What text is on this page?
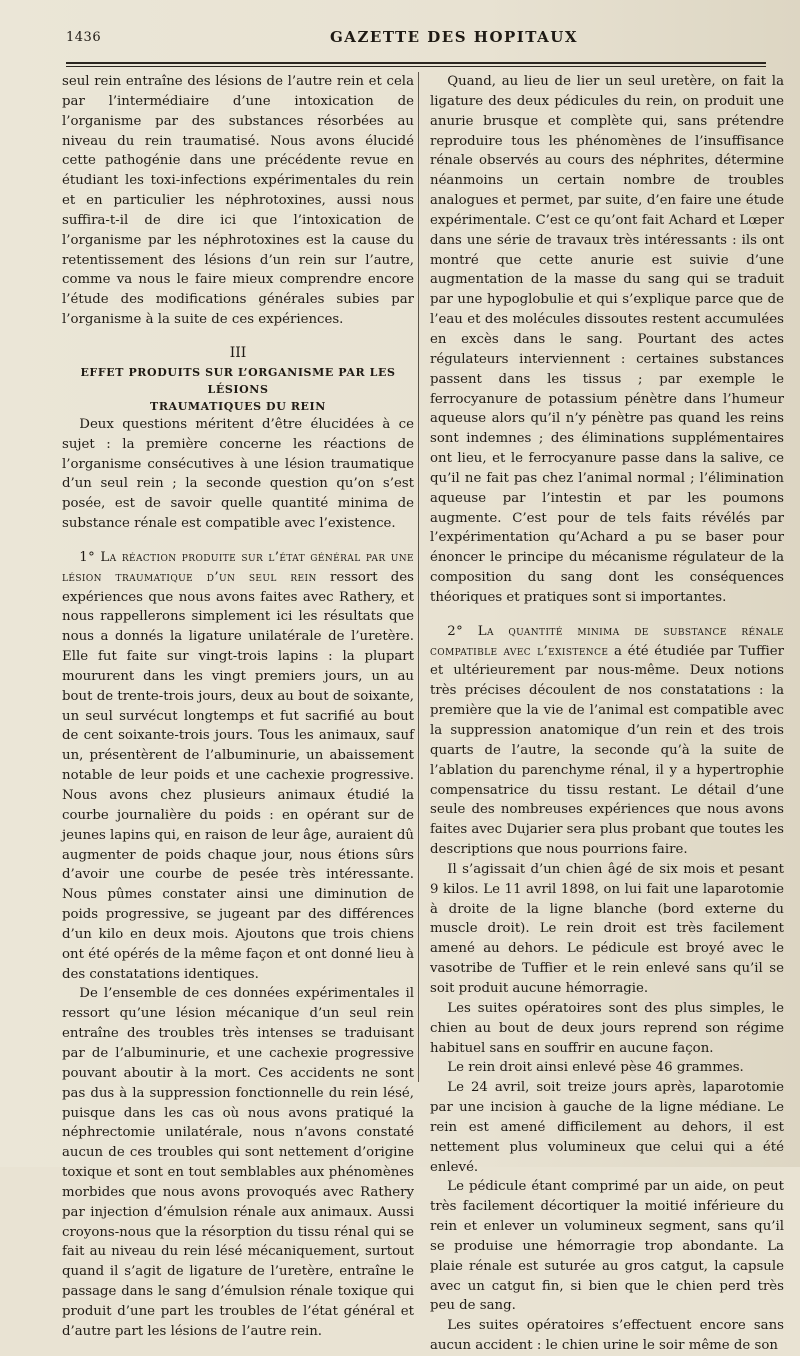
1436	GAZETTE DES HOPITAUX

seul rein entraîne des lésions de l’autre rein et cela par l’intermédiaire d’une intoxication de l’organisme par des substances résorbées au niveau du rein traumatisé. Nous avons élucidé cette pathogénie dans une précédente revue en étudiant les toxi-infections expérimentales du rein et en particulier les néphrotoxines, aussi nous suffira-t-il de dire ici que l’intoxication de l’organisme par les néphrotoxines est la cause du retentissement des lésions d’un rein sur l’autre, comme va nous le faire mieux comprendre encore l’étude des modifications générales subies par l’organisme à la suite de ces expériences.

III

EFFET PRODUITS SUR L’ORGANISME PAR LES LÉSIONS
TRAUMATIQUES DU REIN

Deux questions méritent d’être élucidées à ce sujet : la première concerne les réactions de l’organisme consécutives à une lésion traumatique d’un seul rein ; la seconde question qu’on s’est posée, est de savoir quelle quantité minima de substance rénale est compatible avec l’existence.

1° La réaction produite sur l’état général par une lésion traumatique d’un seul rein ressort des expériences que nous avons faites avec Rathery, et nous rappellerons simplement ici les résultats que nous a donnés la ligature unilatérale de l’uretère. Elle fut faite sur vingt-trois lapins : la plupart moururent dans les vingt premiers jours, un au bout de trente-trois jours, deux au bout de soixante, un seul survécut longtemps et fut sacrifié au bout de cent soixante-trois jours. Tous les animaux, sauf un, présentèrent de l’albuminurie, un abaissement notable de leur poids et une cachexie progressive. Nous avons chez plusieurs animaux étudié la courbe journalière du poids : en opérant sur de jeunes lapins qui, en raison de leur âge, auraient dû augmenter de poids chaque jour, nous étions sûrs d’avoir une courbe de pesée très intéressante. Nous pûmes constater ainsi une diminution de poids progressive, se jugeant par des différences d’un kilo en deux mois. Ajoutons que trois chiens ont été opérés de la même façon et ont donné lieu à des constatations identiques.

De l’ensemble de ces données expérimentales il ressort qu’une lésion mécanique d’un seul rein entraîne des troubles très intenses se traduisant par de l’albuminurie, et une cachexie progressive pouvant aboutir à la mort. Ces accidents ne sont pas dus à la suppression fonctionnelle du rein lésé, puisque dans les cas où nous avons pratiqué la néphrectomie unilatérale, nous n’avons constaté aucun de ces troubles qui sont nettement d’origine toxique et sont en tout semblables aux phénomènes morbides que nous avons provoqués avec Rathery par injection d’émulsion rénale aux animaux. Aussi croyons-nous que la résorption du tissu rénal qui se fait au niveau du rein lésé mécaniquement, surtout quand il s’agit de ligature de l’uretère, entraîne le passage dans le sang d’émulsion rénale toxique qui produit d’une part les troubles de l’état général et d’autre part les lésions de l’autre rein.

Quand, au lieu de lier un seul uretère, on fait la ligature des deux pédicules du rein, on produit une anurie brusque et complète qui, sans prétendre reproduire tous les phénomènes de l’insuffisance rénale observés au cours des néphrites, détermine néanmoins un certain nombre de troubles analogues et permet, par suite, d’en faire une étude expérimentale. C’est ce qu’ont fait Achard et Lœper dans une série de travaux très intéressants : ils ont montré que cette anurie est suivie d’une augmentation de la masse du sang qui se traduit par une hypoglobulie et qui s’explique parce que de l’eau et des molécules dissoutes restent accumulées en excès dans le sang. Pourtant des actes régulateurs interviennent : certaines substances passent dans les tissus ; par exemple le ferrocyanure de potassium pénètre dans l’humeur aqueuse alors qu’il n’y pénètre pas quand les reins sont indemnes ; des éliminations supplémentaires ont lieu, et le ferrocyanure passe dans la salive, ce qu’il ne fait pas chez l’animal normal ; l’élimination aqueuse par l’intestin et par les poumons augmente. C’est pour de tels faits révélés par l’expérimentation qu’Achard a pu se baser pour énoncer le principe du mécanisme régulateur de la composition du sang dont les conséquences théoriques et pratiques sont si importantes.

2° La quantité minima de substance rénale compatible avec l’existence a été étudiée par Tuffier et ultérieurement par nous-même. Deux notions très précises découlent de nos constatations : la première que la vie de l’animal est compatible avec la suppression anatomique d’un rein et des trois quarts de l’autre, la seconde qu’à la suite de l’ablation du parenchyme rénal, il y a hypertrophie compensatrice du tissu restant. Le détail d’une seule des nombreuses expériences que nous avons faites avec Dujarier sera plus probant que toutes les descriptions que nous pourrions faire.

Il s’agissait d’un chien âgé de six mois et pesant 9 kilos. Le 11 avril 1898, on lui fait une laparotomie à droite de la ligne blanche (bord externe du muscle droit). Le rein droit est très facilement amené au dehors. Le pédicule est broyé avec le vasotribe de Tuffier et le rein enlevé sans qu’il se soit produit aucune hémorragie.

Les suites opératoires sont des plus simples, le chien au bout de deux jours reprend son régime habituel sans en souffrir en aucune façon.

Le rein droit ainsi enlevé pèse 46 grammes.

Le 24 avril, soit treize jours après, laparotomie par une incision à gauche de la ligne médiane. Le rein est amené difficilement au dehors, il est nettement plus volumineux que celui qui a été enlevé.

Le pédicule étant comprimé par un aide, on peut très facilement décortiquer la moitié inférieure du rein et enlever un volumineux segment, sans qu’il se produise une hémorragie trop abondante. La plaie rénale est suturée au gros catgut, la capsule avec un catgut fin, si bien que le chien perd très peu de sang.

Les suites opératoires s’effectuent encore sans aucun accident : le chien urine le soir même de son
